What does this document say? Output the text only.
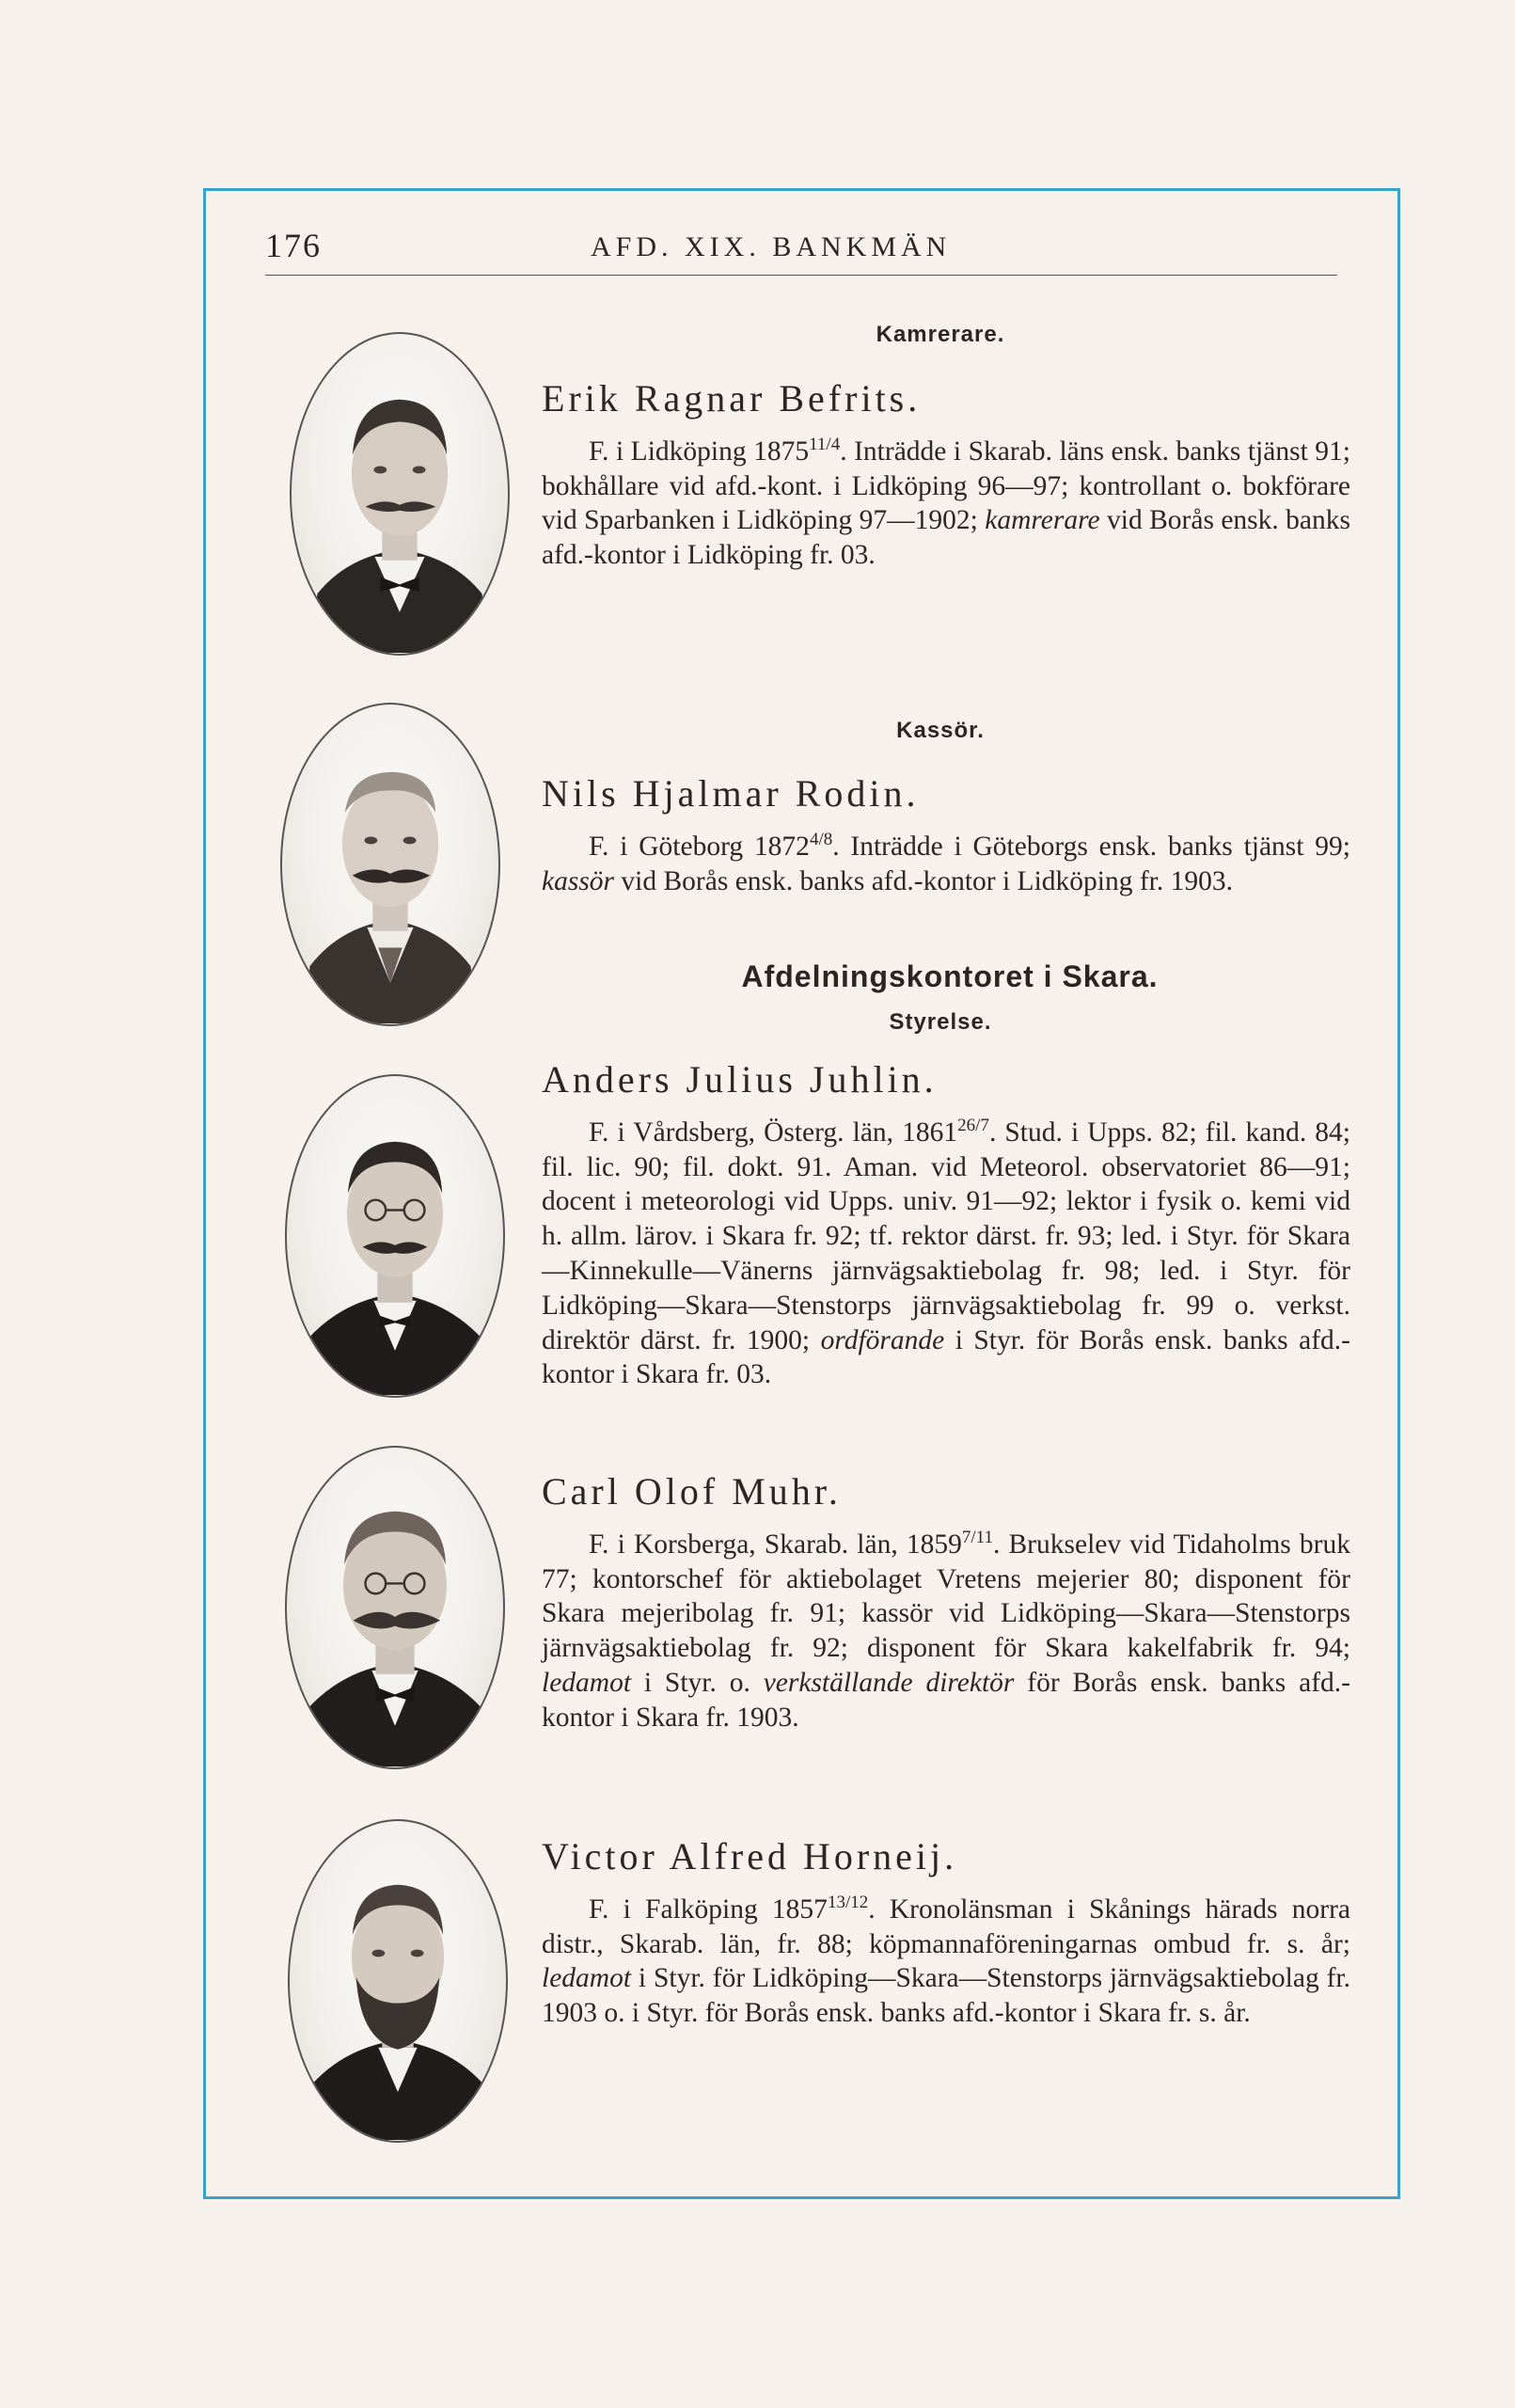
176	AFD. XIX. BANKMÄN
Kamrerare.
Erik Ragnar Befrits.

F. i Lidköping $1875^{11/4}$. Inträdde i Skarab. läns ensk. banks tjänst 91; bokhållare vid afd.-kont. i Lidköping 96—97; kontrollant o. bokförare vid Sparbanken i Lidköping 97—1902; kamrerare vid Borås ensk. banks afd.-kontor i Lidköping fr. 03.

Kassör.
Nils Hjalmar Rodin.

F. i Göteborg $1872^{4/8}$. Inträdde i Göteborgs ensk. banks tjänst 99; kassör vid Borås ensk. banks afd.-kontor i Lidköping fr. 1903.

Afdelningskontoret i Skara.
Styrelse.
Anders Julius Juhlin.

F. i Vårdsberg, Österg. län, $1861^{26/7}$. Stud. i Upps. 82; fil. kand. 84; fil. lic. 90; fil. dokt. 91. Aman. vid Meteorol. observatoriet 86—91; docent i meteorologi vid Upps. univ. 91—92; lektor i fysik o. kemi vid h. allm. lärov. i Skara fr. 92; tf. rektor därst. fr. 93; led. i Styr. för Skara—Kinnekulle—Vänerns järnvägsaktiebolag fr. 98; led. i Styr. för Lidköping—Skara—Stenstorps järnvägsaktiebolag fr. 99 o. verkst. direktör därst. fr. 1900; ordförande i Styr. för Borås ensk. banks afd.-kontor i Skara fr. 03.

Carl Olof Muhr.

F. i Korsberga, Skarab. län, $1859^{7/11}$. Brukselev vid Tidaholms bruk 77; kontorschef för aktiebolaget Vretens mejerier 80; disponent för Skara mejeribolag fr. 91; kassör vid Lidköping—Skara—Stenstorps järnvägsaktiebolag fr. 92; disponent för Skara kakelfabrik fr. 94; ledamot i Styr. o. verkställande direktör för Borås ensk. banks afd.-kontor i Skara fr. 1903.

Victor Alfred Horneij.

F. i Falköping $1857^{13/12}$. Kronolänsman i Skånings härads norra distr., Skarab. län, fr. 88; köpmannaföreningarnas ombud fr. s. år; ledamot i Styr. för Lidköping—Skara—Stenstorps järnvägsaktiebolag fr. 1903 o. i Styr. för Borås ensk. banks afd.-kontor i Skara fr. s. år.
